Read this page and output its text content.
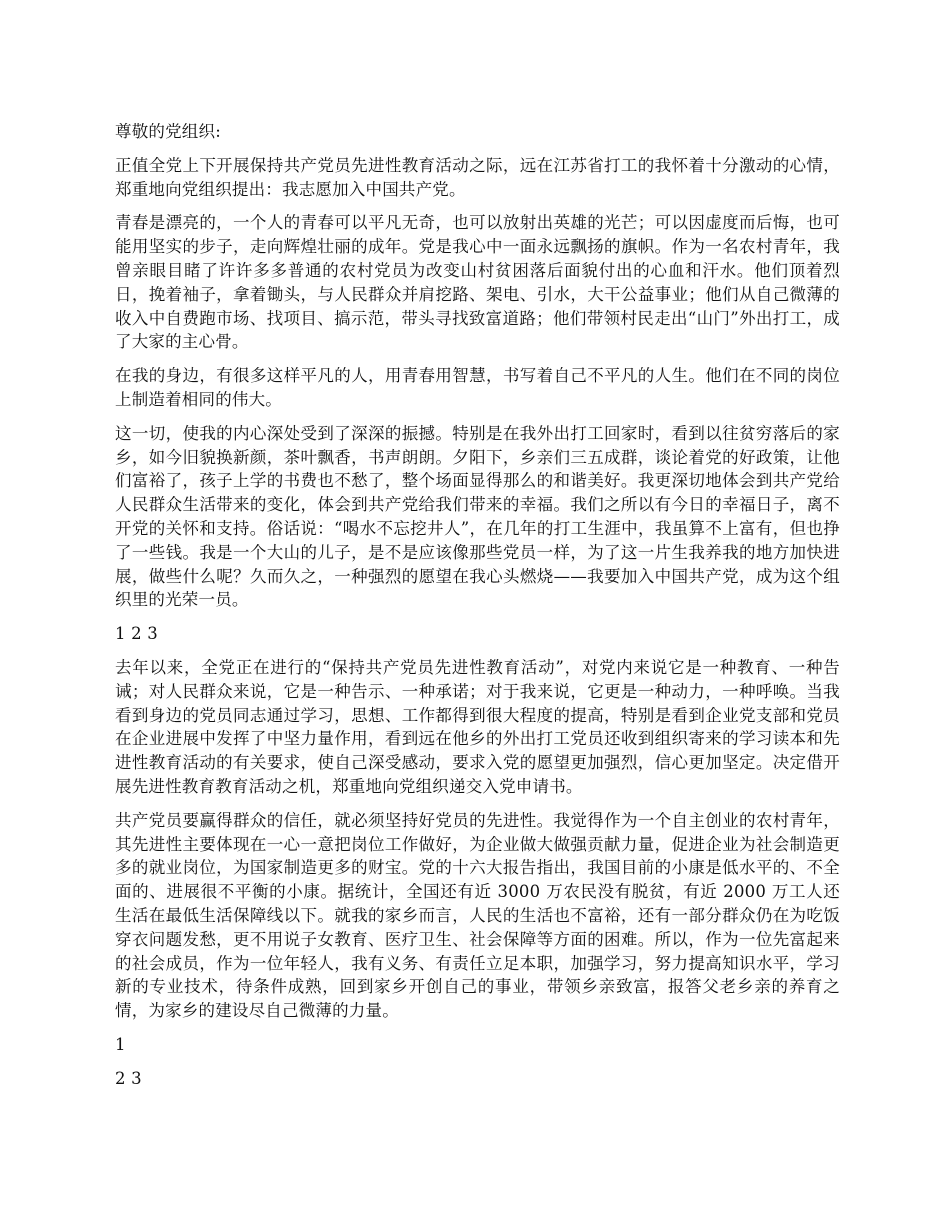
尊敬的党组织:

正值全党上下开展保持共产党员先进性教育活动之际，远在江苏省打工的我怀着十分激动的心情，郑重地向党组织提出：我志愿加入中国共产党。

青春是漂亮的，一个人的青春可以平凡无奇，也可以放射出英雄的光芒；可以因虚度而后悔，也可能用坚实的步子，走向辉煌壮丽的成年。党是我心中一面永远飘扬的旗帜。作为一名农村青年，我曾亲眼目睹了许许多多普通的农村党员为改变山村贫困落后面貌付出的心血和汗水。他们顶着烈日，挽着袖子，拿着锄头，与人民群众并肩挖路、架电、引水，大干公益事业；他们从自己微薄的收入中自费跑市场、找项目、搞示范，带头寻找致富道路；他们带领村民走出“山门”外出打工，成了大家的主心骨。

在我的身边，有很多这样平凡的人，用青春用智慧，书写着自己不平凡的人生。他们在不同的岗位上制造着相同的伟大。

这一切，使我的内心深处受到了深深的振撼。特别是在我外出打工回家时，看到以往贫穷落后的家乡，如今旧貌换新颜，茶叶飘香，书声朗朗。夕阳下，乡亲们三五成群，谈论着党的好政策，让他们富裕了，孩子上学的书费也不愁了，整个场面显得那么的和谐美好。我更深切地体会到共产党给人民群众生活带来的变化，体会到共产党给我们带来的幸福。我们之所以有今日的幸福日子，离不开党的关怀和支持。俗话说：“喝水不忘挖井人”，在几年的打工生涯中，我虽算不上富有，但也挣了一些钱。我是一个大山的儿子，是不是应该像那些党员一样，为了这一片生我养我的地方加快进展，做些什么呢？久而久之，一种强烈的愿望在我心头燃烧——我要加入中国共产党，成为这个组织里的光荣一员。

1 2 3

去年以来，全党正在进行的“保持共产党员先进性教育活动”，对党内来说它是一种教育、一种告诫；对人民群众来说，它是一种告示、一种承诺；对于我来说，它更是一种动力，一种呼唤。当我看到身边的党员同志通过学习，思想、工作都得到很大程度的提高，特别是看到企业党支部和党员在企业进展中发挥了中坚力量作用，看到远在他乡的外出打工党员还收到组织寄来的学习读本和先进性教育活动的有关要求，使自己深受感动，要求入党的愿望更加强烈，信心更加坚定。决定借开展先进性教育教育活动之机，郑重地向党组织递交入党申请书。

共产党员要赢得群众的信任，就必须坚持好党员的先进性。我觉得作为一个自主创业的农村青年，其先进性主要体现在一心一意把岗位工作做好，为企业做大做强贡献力量，促进企业为社会制造更多的就业岗位，为国家制造更多的财宝。党的十六大报告指出，我国目前的小康是低水平的、不全面的、进展很不平衡的小康。据统计，全国还有近 3000 万农民没有脱贫，有近 2000 万工人还生活在最低生活保障线以下。就我的家乡而言，人民的生活也不富裕，还有一部分群众仍在为吃饭穿衣问题发愁，更不用说子女教育、医疗卫生、社会保障等方面的困难。所以，作为一位先富起来的社会成员，作为一位年轻人，我有义务、有责任立足本职，加强学习，努力提高知识水平，学习新的专业技术，待条件成熟，回到家乡开创自己的事业，带领乡亲致富，报答父老乡亲的养育之情，为家乡的建设尽自己微薄的力量。

1

2 3
